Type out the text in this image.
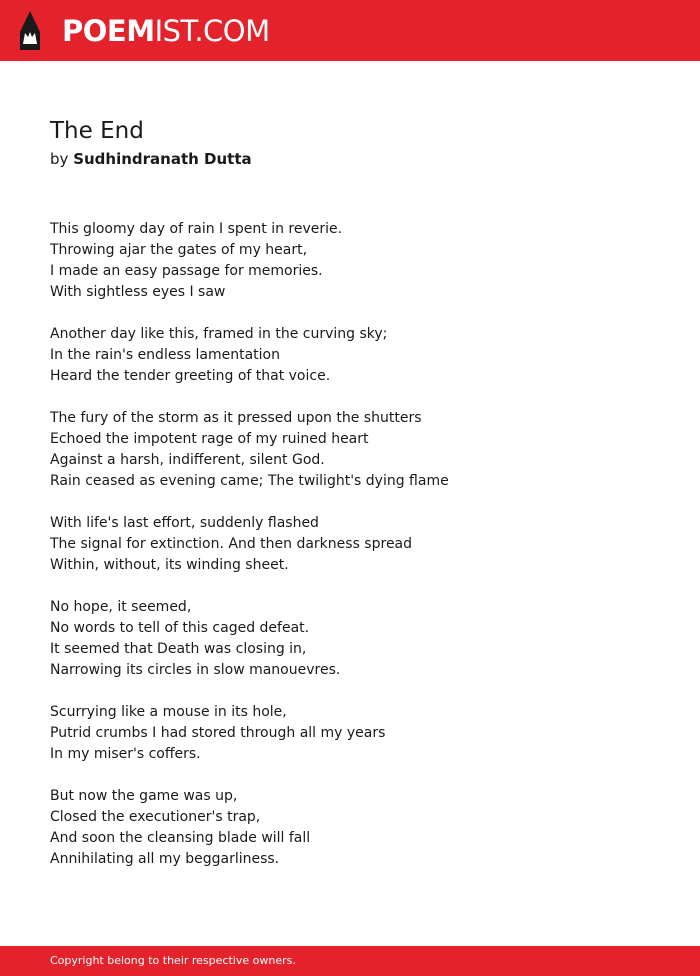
POEMIST.COM
The End
by Sudhindranath Dutta
This gloomy day of rain I spent in reverie.
Throwing ajar the gates of my heart,
I made an easy passage for memories.
With sightless eyes I saw
Another day like this, framed in the curving sky;
In the rain's endless lamentation
Heard the tender greeting of that voice.
The fury of the storm as it pressed upon the shutters
Echoed the impotent rage of my ruined heart
Against a harsh, indifferent, silent God.
Rain ceased as evening came; The twilight's dying flame
With life's last effort, suddenly flashed
The signal for extinction. And then darkness spread
Within, without, its winding sheet.
No hope, it seemed,
No words to tell of this caged defeat.
It seemed that Death was closing in,
Narrowing its circles in slow manouevres.
Scurrying like a mouse in its hole,
Putrid crumbs I had stored through all my years
In my miser's coffers.
But now the game was up,
Closed the executioner's trap,
And soon the cleansing blade will fall
Annihilating all my beggarliness.
Copyright belong to their respective owners.
